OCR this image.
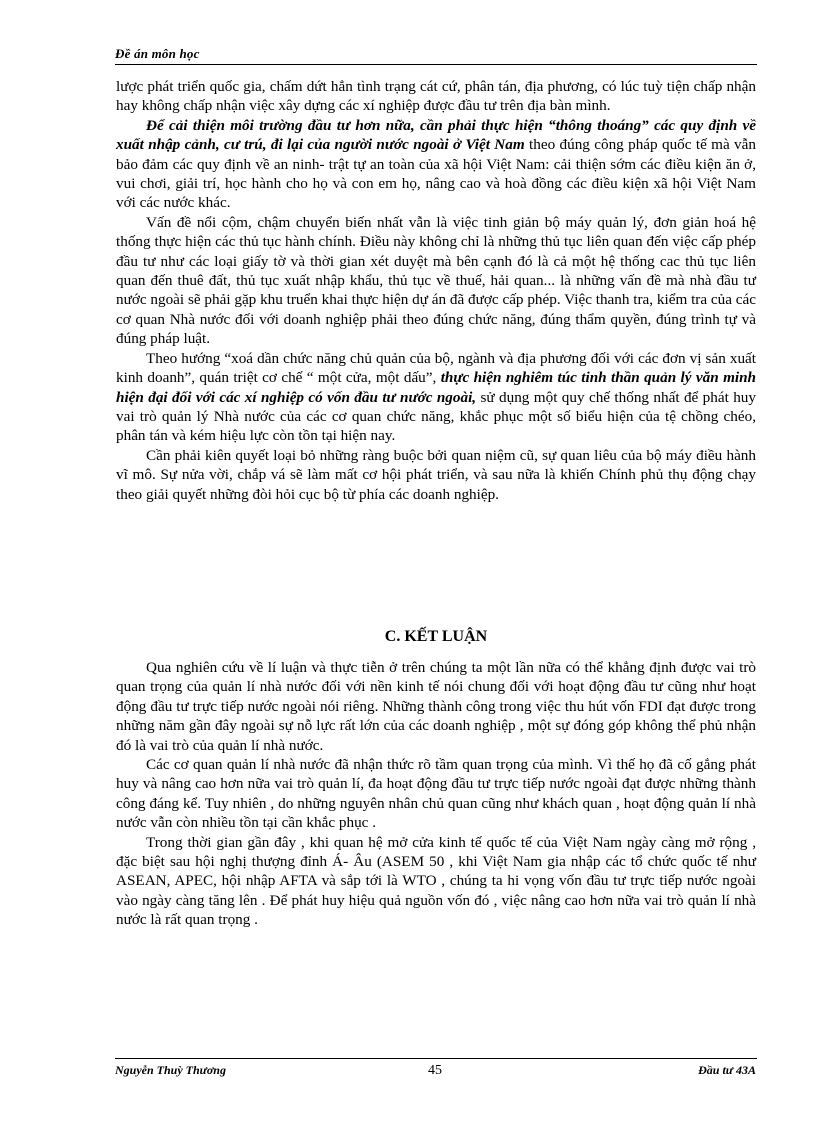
Đề án môn học

lược phát triển quốc gia, chấm dứt hẳn tình trạng cát cứ, phân tán, địa phương, có lúc tuỳ tiện chấp nhận hay không chấp nhận việc xây dựng các xí nghiệp được đầu tư trên địa bàn mình.

Để cải thiện môi trường đầu tư hơn nữa, cần phải thực hiện “thông thoáng” các quy định về xuất nhập cảnh, cư trú, đi lại của người nước ngoài ở Việt Nam theo đúng công pháp quốc tế mà vẫn bảo đảm các quy định về an ninh- trật tự an toàn của xã hội Việt Nam: cải thiện sớm các điều kiện ăn ở, vui chơi, giải trí, học hành cho họ và con em họ, nâng cao và hoà đồng các điều kiện xã hội Việt Nam với các nước khác.

Vấn đề nổi cộm, chậm chuyển biến nhất vẫn là việc tinh giản bộ máy quản lý, đơn giản hoá hệ thống thực hiện các thủ tục hành chính. Điều này không chỉ là những thủ tục liên quan đến việc cấp phép đầu tư như các loại giấy tờ và thời gian xét duyệt mà bên cạnh đó là cả một hệ thống cac thủ tục liên quan đến thuê đất, thủ tục xuất nhập khẩu, thủ tục về thuế, hải quan... là những vấn đề mà nhà đầu tư nước ngoài sẽ phải gặp khu truển khai thực hiện dự án đã được cấp phép. Việc thanh tra, kiểm tra của các cơ quan Nhà nước đối với doanh nghiệp phải theo đúng chức năng, đúng thẩm quyền, đúng trình tự và đúng pháp luật.

Theo hướng “xoá dần chức năng chủ quản của bộ, ngành và địa phương đối với các đơn vị sản xuất kinh doanh”, quán triệt cơ chế “ một cửa, một dấu”, thực hiện nghiêm túc tinh thần quản lý văn minh hiện đại đối với các xí nghiệp có vốn đầu tư nước ngoài, sử dụng một quy chế thống nhất để phát huy vai trò quản lý Nhà nước của các cơ quan chức năng, khắc phục một số biểu hiện của tệ chồng chéo, phân tán và kém hiệu lực còn tồn tại hiện nay.

Cần phải kiên quyết loại bỏ những ràng buộc bởi quan niệm cũ, sự quan liêu của bộ máy điều hành vĩ mô. Sự nửa vời, chắp vá sẽ làm mất cơ hội phát triển, và sau nữa là khiến Chính phủ thụ động chạy theo giải quyết những đòi hỏi cục bộ từ phía các doanh nghiệp.

C. KẾT LUẬN

Qua nghiên cứu về lí luận và thực tiễn ở trên chúng ta một lần nữa có thể khẳng định được vai trò quan trọng của quản lí nhà nước đối với nền kinh tế nói chung đối với hoạt động đầu tư cũng như hoạt động đầu tư trực tiếp nước ngoài nói riêng. Những thành công trong việc thu hút vốn FDI đạt được trong những năm gần đây ngoài sự nỗ lực rất lớn của các doanh nghiệp , một sự đóng góp không thể phủ nhận đó là vai trò của quản lí nhà nước.

Các cơ quan quản lí nhà nước đã nhận thức rõ tầm quan trọng của mình. Vì thế họ đã cố gắng phát huy và nâng cao hơn nữa vai trò quản lí, đa hoạt động đầu tư trực tiếp nước ngoài đạt được những thành công đáng kể. Tuy nhiên , do những nguyên nhân chủ quan cũng như khách quan , hoạt động quản lí nhà nước vẫn còn nhiều tồn tại cần khắc phục .

Trong thời gian gần đây , khi quan hệ mở cửa kinh tế quốc tế của Việt Nam ngày càng mở rộng , đặc biệt sau hội nghị thượng đỉnh Á- Âu (ASEM 50 , khi Việt Nam gia nhập các tổ chức quốc tế như ASEAN, APEC, hội nhập AFTA và sắp tới là WTO , chúng ta hi vọng vốn đầu tư trực tiếp nước ngoài vào ngày càng tăng lên . Để phát huy hiệu quả nguồn vốn đó , việc nâng cao hơn nữa vai trò quản lí nhà nước là rất quan trọng .

Nguyễn Thuỳ Thương	45	Đầu tư 43A
